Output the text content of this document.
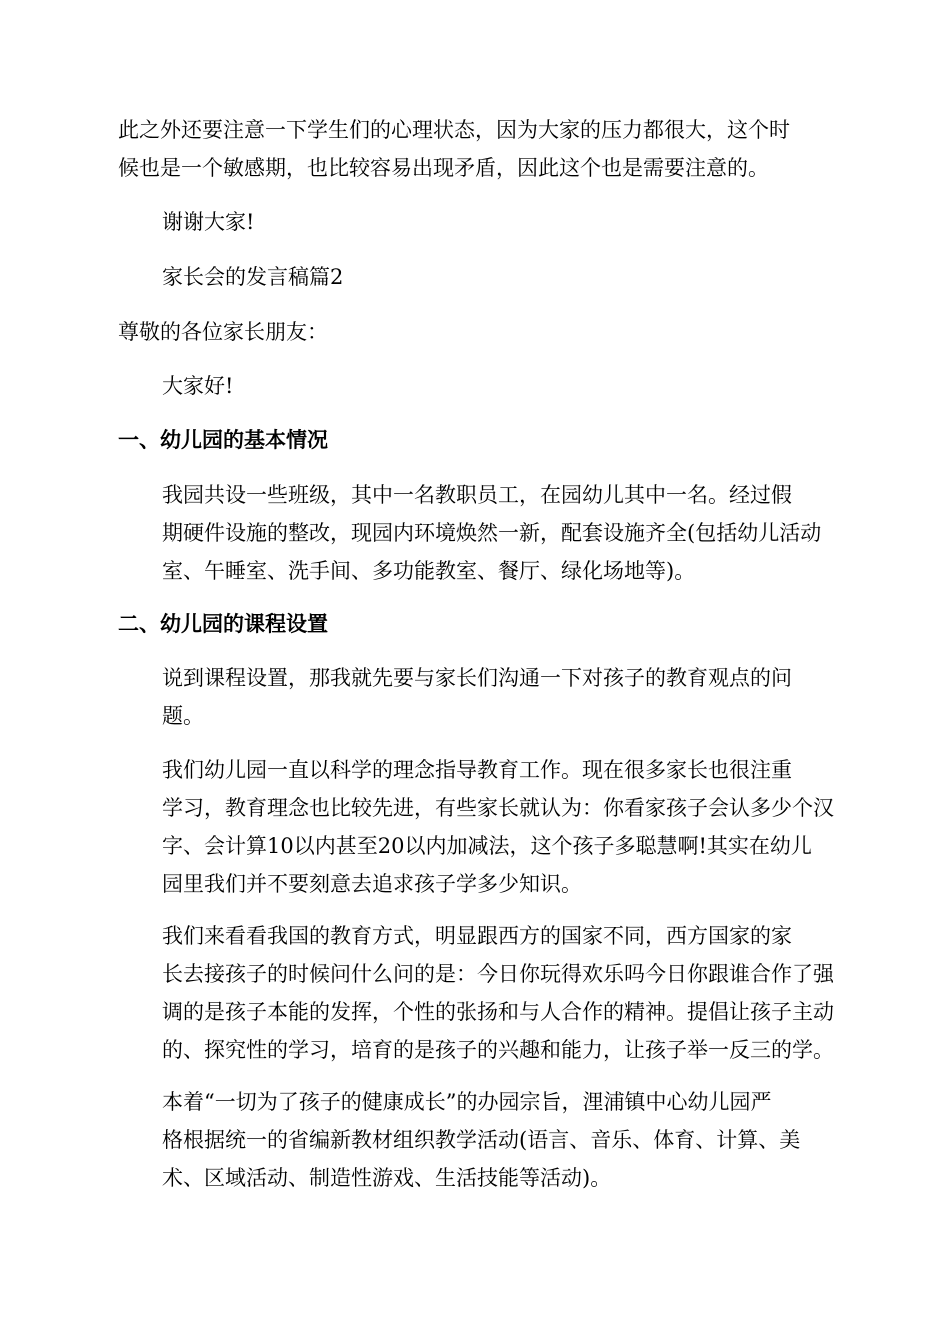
此之外还要注意一下学生们的心理状态，因为大家的压力都很大，这个时
候也是一个敏感期，也比较容易出现矛盾，因此这个也是需要注意的。
谢谢大家!
家长会的发言稿篇2
尊敬的各位家长朋友：
大家好!
一、幼儿园的基本情况
我园共设一些班级，其中一名教职员工，在园幼儿其中一名。经过假
期硬件设施的整改，现园内环境焕然一新，配套设施齐全(包括幼儿活动
室、午睡室、洗手间、多功能教室、餐厅、绿化场地等)。
二、幼儿园的课程设置
说到课程设置，那我就先要与家长们沟通一下对孩子的教育观点的问
题。
我们幼儿园一直以科学的理念指导教育工作。现在很多家长也很注重
学习，教育理念也比较先进，有些家长就认为：你看家孩子会认多少个汉
字、会计算10以内甚至20以内加减法，这个孩子多聪慧啊!其实在幼儿
园里我们并不要刻意去追求孩子学多少知识。
我们来看看我国的教育方式，明显跟西方的国家不同，西方国家的家
长去接孩子的时候问什么问的是：今日你玩得欢乐吗今日你跟谁合作了强
调的是孩子本能的发挥，个性的张扬和与人合作的精神。提倡让孩子主动
的、探究性的学习，培育的是孩子的兴趣和能力，让孩子举一反三的学。
本着“一切为了孩子的健康成长”的办园宗旨，浬浦镇中心幼儿园严
格根据统一的省编新教材组织教学活动(语言、音乐、体育、计算、美
术、区域活动、制造性游戏、生活技能等活动)。
